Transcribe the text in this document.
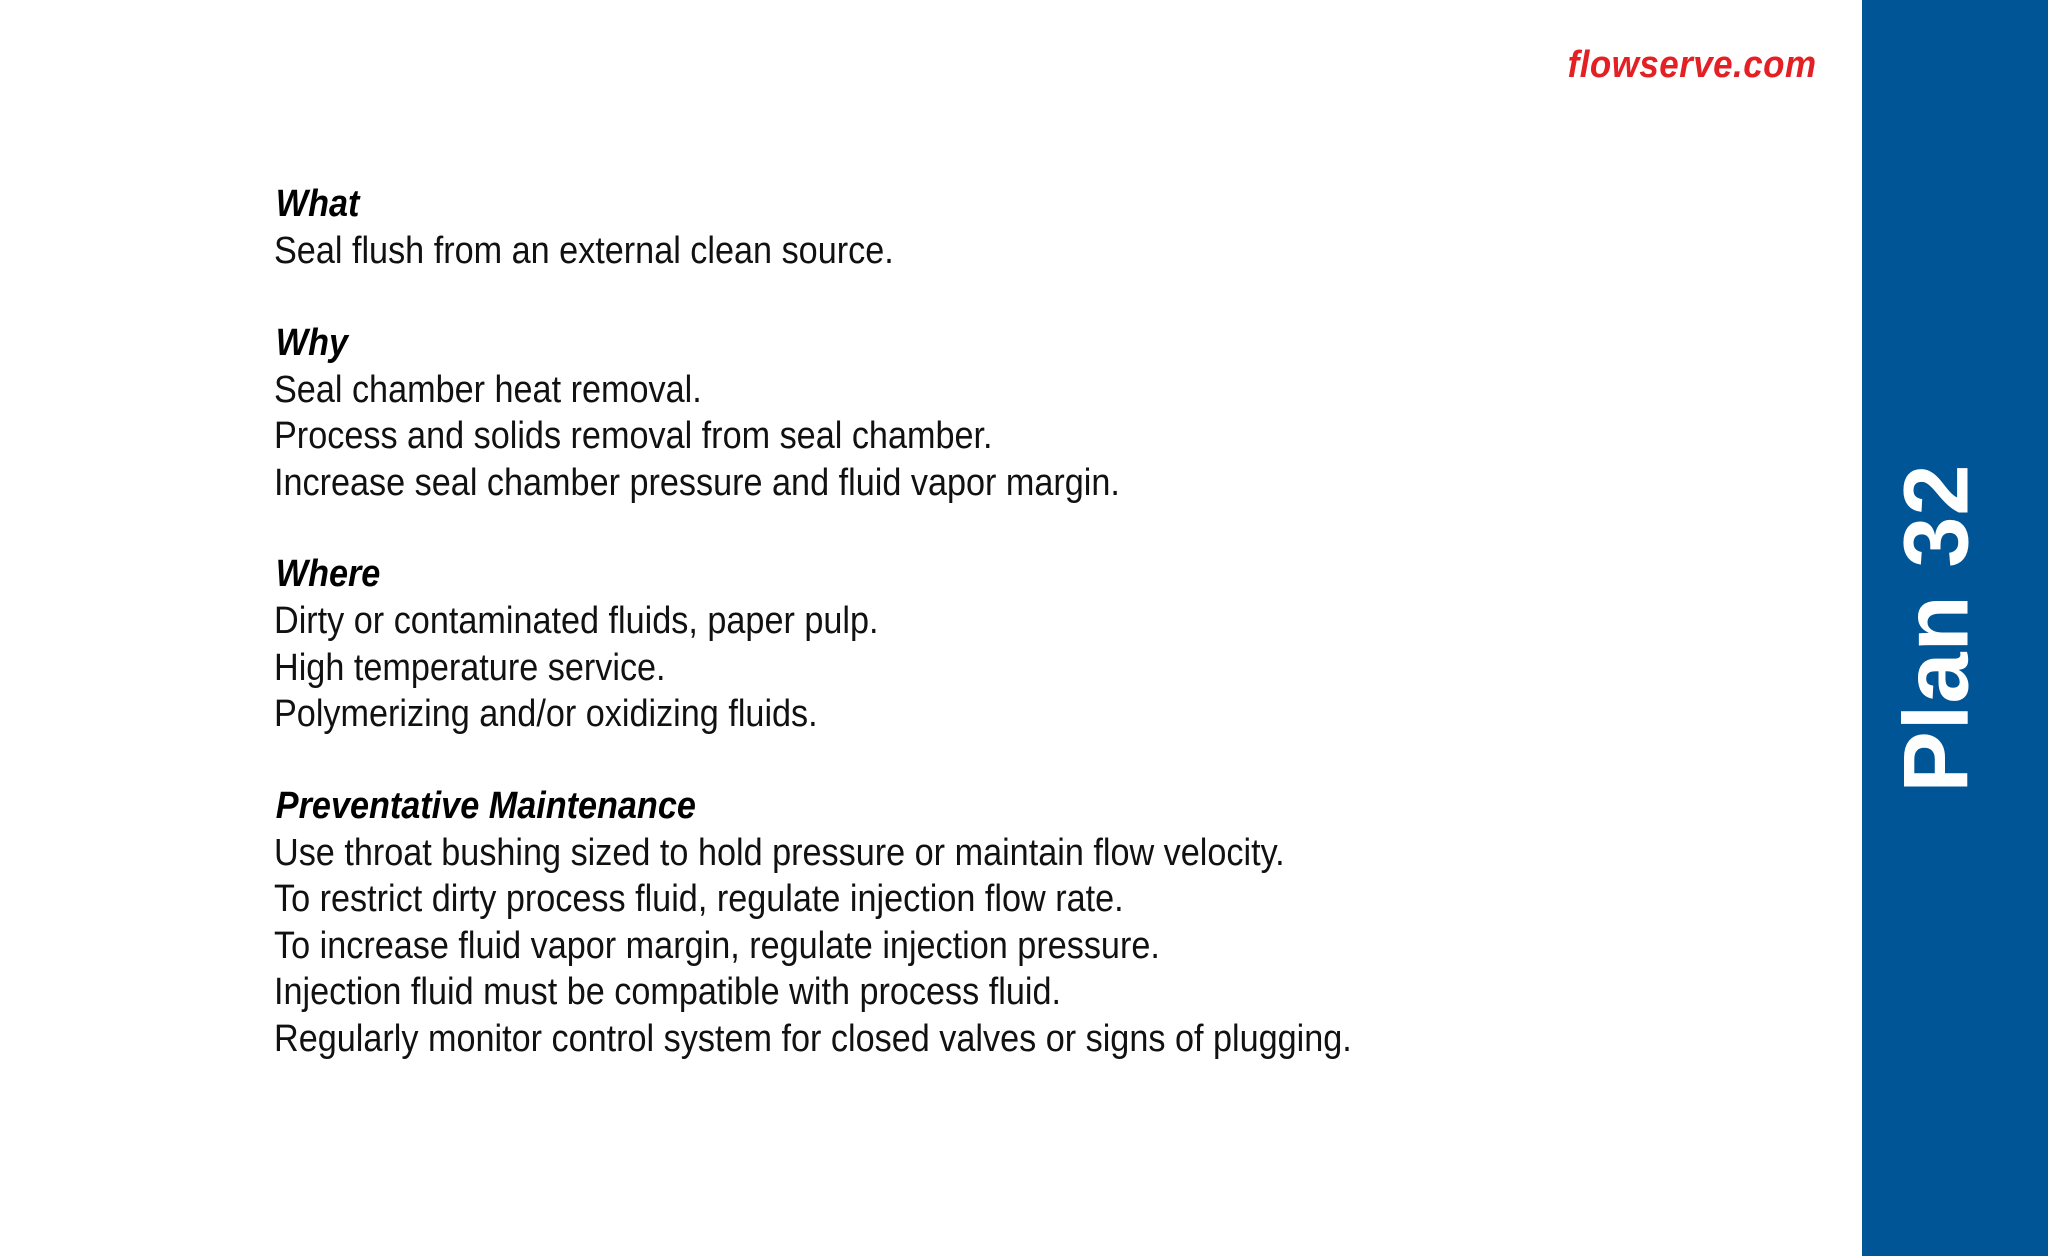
flowserve.com
Plan 32
What
Seal flush from an external clean source.
Why
Seal chamber heat removal.
Process and solids removal from seal chamber.
Increase seal chamber pressure and fluid vapor margin.
Where
Dirty or contaminated fluids, paper pulp.
High temperature service.
Polymerizing and/or oxidizing fluids.
Preventative Maintenance
Use throat bushing sized to hold pressure or maintain flow velocity.
To restrict dirty process fluid, regulate injection flow rate.
To increase fluid vapor margin, regulate injection pressure.
Injection fluid must be compatible with process fluid.
Regularly monitor control system for closed valves or signs of plugging.
